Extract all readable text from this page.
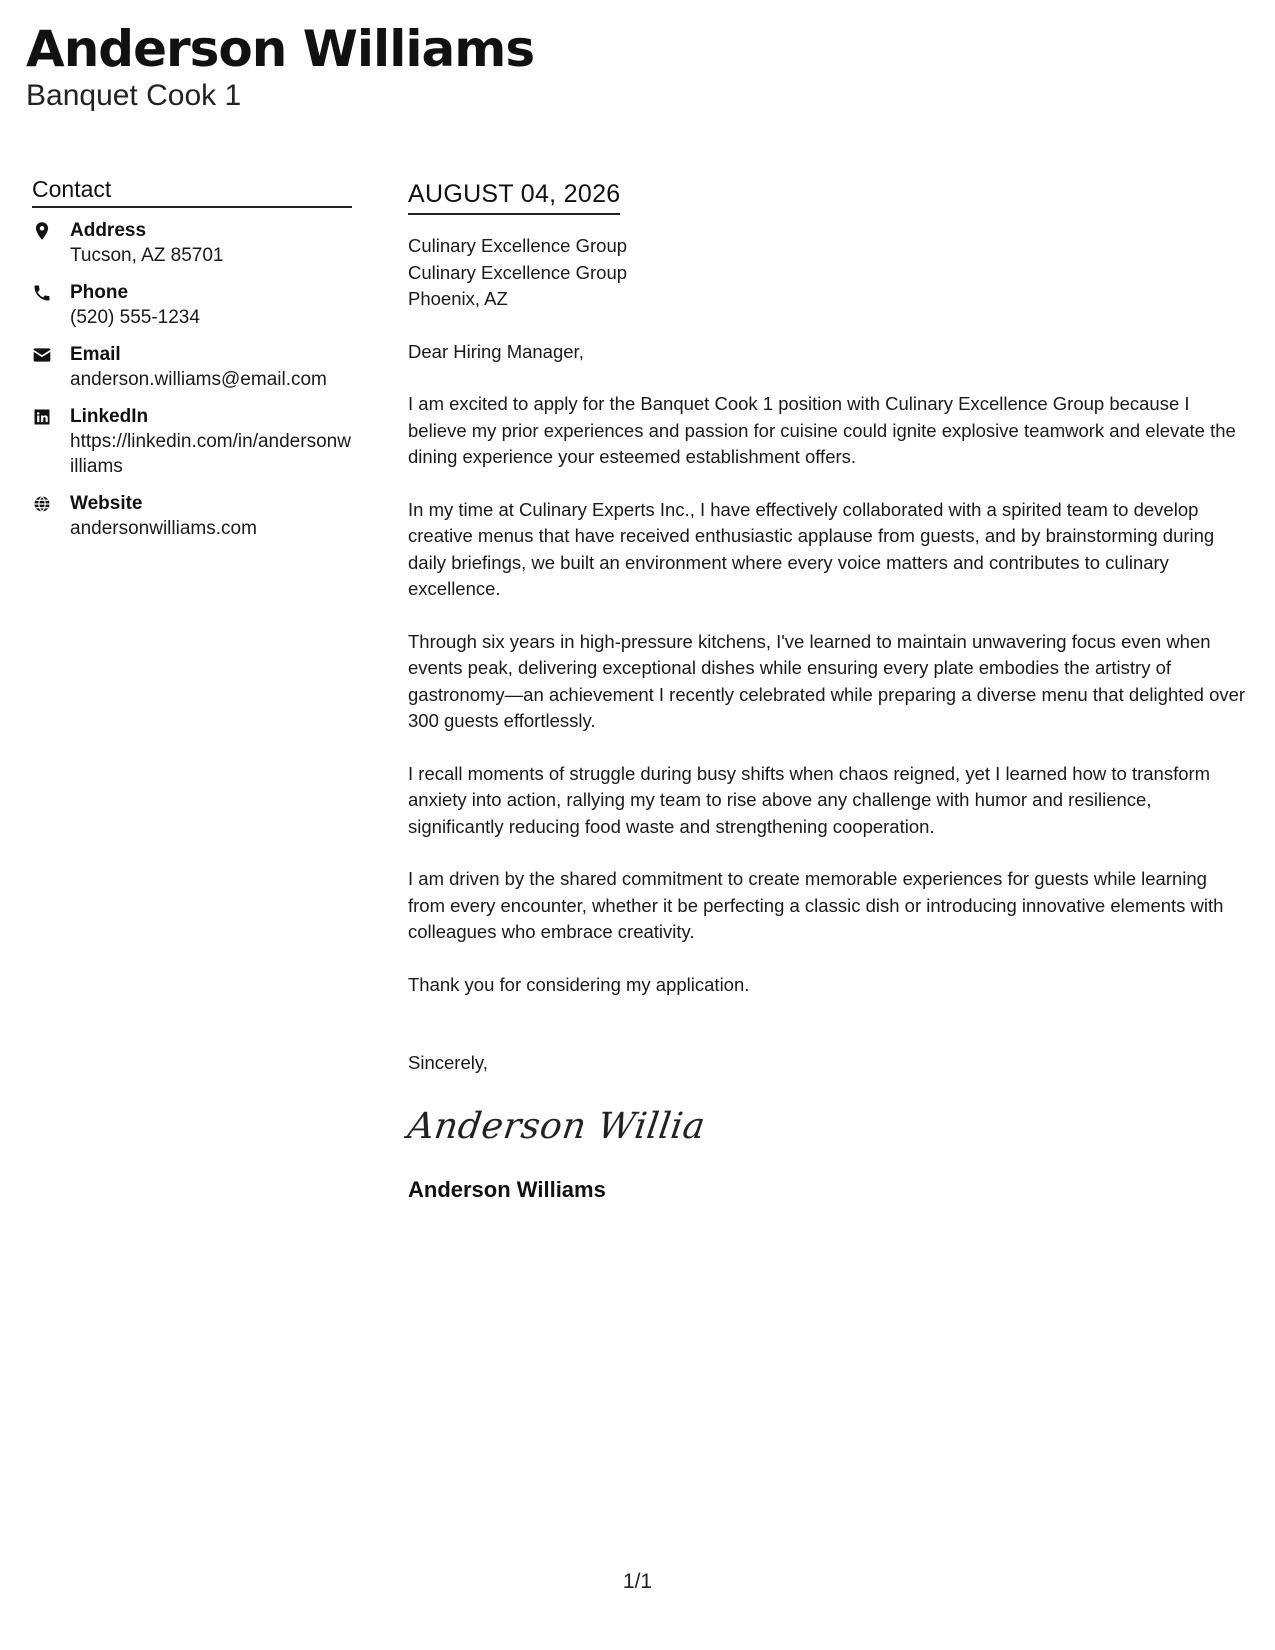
Anderson Williams
Banquet Cook 1
Contact
Address
Tucson, AZ 85701
Phone
(520) 555-1234
Email
anderson.williams@email.com
LinkedIn
https://linkedin.com/in/andersonwilliams
Website
andersonwilliams.com
AUGUST 04, 2026
Culinary Excellence Group
Culinary Excellence Group
Phoenix, AZ
Dear Hiring Manager,
I am excited to apply for the Banquet Cook 1 position with Culinary Excellence Group because I believe my prior experiences and passion for cuisine could ignite explosive teamwork and elevate the dining experience your esteemed establishment offers.
In my time at Culinary Experts Inc., I have effectively collaborated with a spirited team to develop creative menus that have received enthusiastic applause from guests, and by brainstorming during daily briefings, we built an environment where every voice matters and contributes to culinary excellence.
Through six years in high-pressure kitchens, I've learned to maintain unwavering focus even when events peak, delivering exceptional dishes while ensuring every plate embodies the artistry of gastronomy—an achievement I recently celebrated while preparing a diverse menu that delighted over 300 guests effortlessly.
I recall moments of struggle during busy shifts when chaos reigned, yet I learned how to transform anxiety into action, rallying my team to rise above any challenge with humor and resilience, significantly reducing food waste and strengthening cooperation.
I am driven by the shared commitment to create memorable experiences for guests while learning from every encounter, whether it be perfecting a classic dish or introducing innovative elements with colleagues who embrace creativity.
Thank you for considering my application.
Sincerely,
Anderson Willia
Anderson Williams
1/1
